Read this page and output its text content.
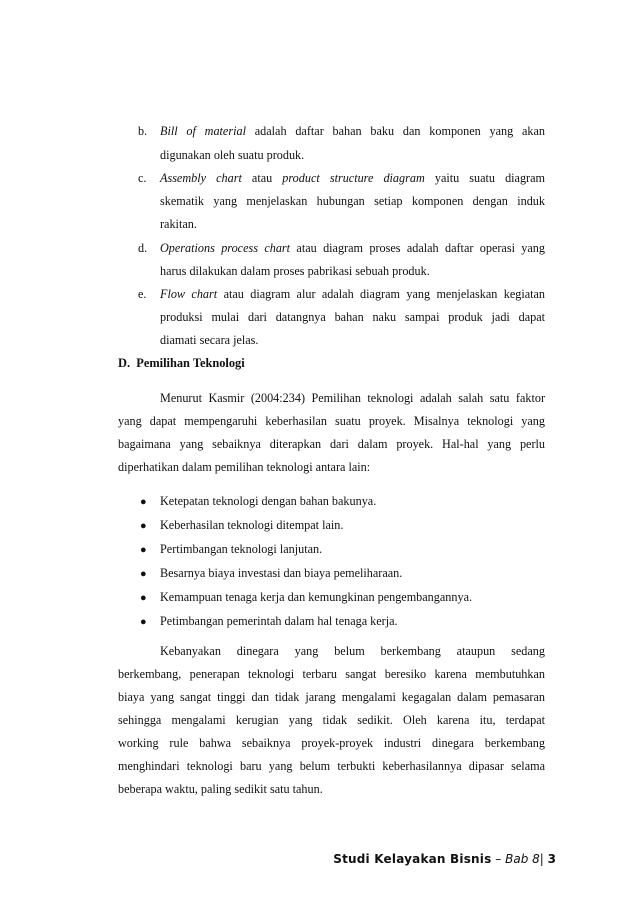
b. Bill of material adalah daftar bahan baku dan komponen yang akan
digunakan oleh suatu produk.
c. Assembly chart atau product structure diagram yaitu suatu diagram
skematik yang menjelaskan hubungan setiap komponen dengan induk
rakitan.
d. Operations process chart atau diagram proses adalah daftar operasi yang
harus dilakukan dalam proses pabrikasi sebuah produk.
e. Flow chart atau diagram alur adalah diagram yang menjelaskan kegiatan
produksi mulai dari datangnya bahan naku sampai produk jadi dapat
diamati secara jelas.
D. Pemilihan Teknologi
Menurut Kasmir (2004:234) Pemilihan teknologi adalah salah satu faktor
yang dapat mempengaruhi keberhasilan suatu proyek. Misalnya teknologi yang
bagaimana yang sebaiknya diterapkan dari dalam proyek. Hal-hal yang perlu
diperhatikan dalam pemilihan teknologi antara lain:
● Ketepatan teknologi dengan bahan bakunya.
● Keberhasilan teknologi ditempat lain.
● Pertimbangan teknologi lanjutan.
● Besarnya biaya investasi dan biaya pemeliharaan.
● Kemampuan tenaga kerja dan kemungkinan pengembangannya.
● Petimbangan pemerintah dalam hal tenaga kerja.
Kebanyakan dinegara yang belum berkembang ataupun sedang
berkembang, penerapan teknologi terbaru sangat beresiko karena membutuhkan
biaya yang sangat tinggi dan tidak jarang mengalami kegagalan dalam pemasaran
sehingga mengalami kerugian yang tidak sedikit. Oleh karena itu, terdapat
working rule bahwa sebaiknya proyek-proyek industri dinegara berkembang
menghindari teknologi baru yang belum terbukti keberhasilannya dipasar selama
beberapa waktu, paling sedikit satu tahun.
Studi Kelayakan Bisnis – Bab 8| 3
